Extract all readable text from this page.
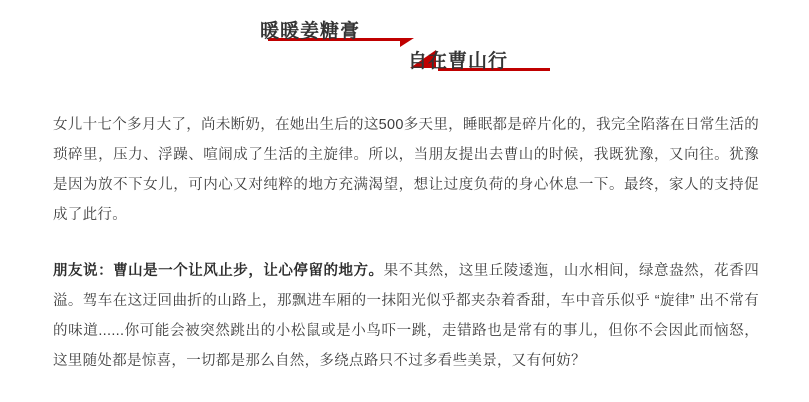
暖暖姜糖膏
自在曹山行

女儿十七个多月大了，尚未断奶，在她出生后的这500多天里，睡眠都是碎片化的，我完全陷落在日常生活的琐碎里，压力、浮躁、喧闹成了生活的主旋律。所以，当朋友提出去曹山的时候，我既犹豫，又向往。犹豫是因为放不下女儿，可内心又对纯粹的地方充满渴望，想让过度负荷的身心休息一下。最终，家人的支持促成了此行。

朋友说：曹山是一个让风止步，让心停留的地方。果不其然，这里丘陵逶迤，山水相间，绿意盎然，花香四溢。驾车在这迂回曲折的山路上，那飘进车厢的一抹阳光似乎都夹杂着香甜，车中音乐似乎 “旋律” 出不常有的味道......你可能会被突然跳出的小松鼠或是小鸟吓一跳，走错路也是常有的事儿，但你不会因此而恼怒，这里随处都是惊喜，一切都是那么自然，多绕点路只不过多看些美景，又有何妨？
